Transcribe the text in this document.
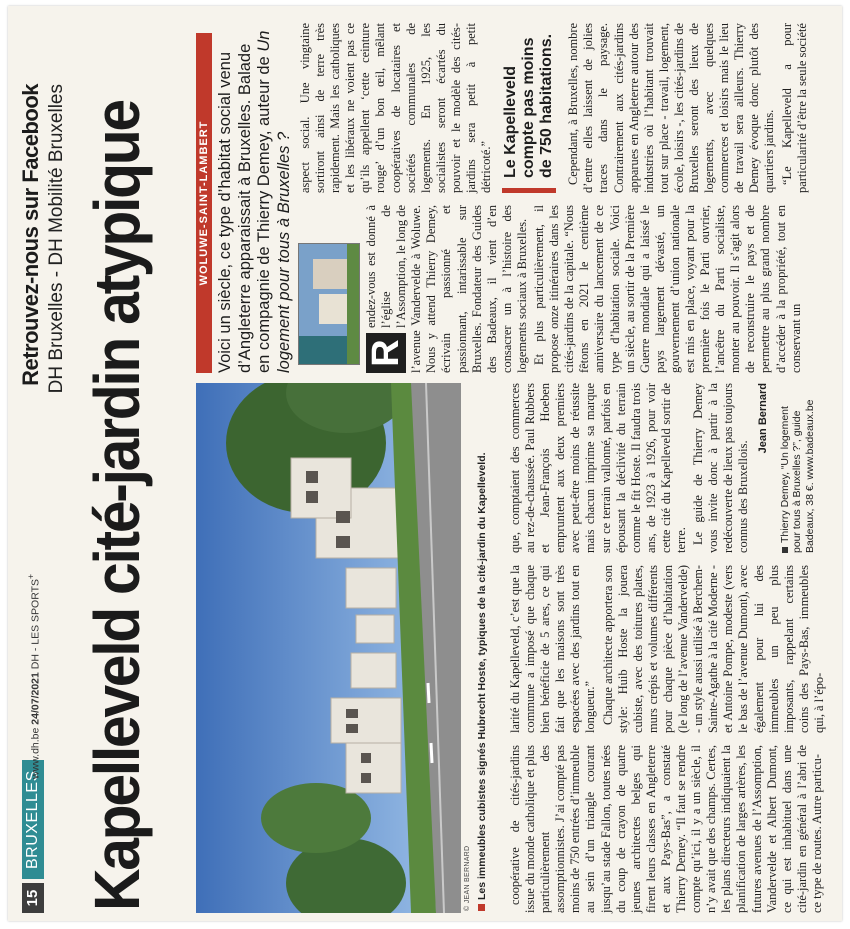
15
BRUXELLES
www.dh.be 24/07/2021 DH - LES SPORTS+
Retrouvez-nous sur Facebook DH Bruxelles - DH Mobilité Bruxelles Kapelleveld cité-jardin atypique	© JEAN BERNARD Les immeubles cubistes signés Hubrecht Hoste, typiques de la cité-jardin du Kapelleveld.
WOLUWE-SAINT-LAMBERT Voici un siècle, ce type d’habitat social venu d’Angleterre apparaissait à Bruxelles. Balade en compagnie de Thierry Demey, auteur de Un logement pour tous à Bruxelles ?

coopérative de cités-jardins issue du monde catholique et plus particulièrement des assomptionnistes. J’ai compté pas moins de 750 entrées d’immeuble au sein d’un triangle courant jusqu’au stade Fallon, toutes nées du coup de crayon de quatre jeunes architectes belges qui firent leurs classes en Angleterre et aux Pays-Bas”, a constaté Thierry Demey. “Il faut se rendre compte qu’ici, il y a un siècle, il n’y avait que des champs. Certes, les plans directeurs indiquaient la planification de larges artères, les futures avenues de l’Assomption, Vandervelde et Albert Dumont, ce qui est inhabituel dans une cité-jardin en général à l’abri de ce type de routes. Autre particu-

larité du Kapelleveld, c’est que la commune a imposé que chaque bien bénéficie de 5 ares, ce qui fait que les maisons sont très espacées avec des jardins tout en longueur.” Chaque architecte apportera son style: Huib Hoste la jouera cubiste, avec des toitures plates, murs crépis et volumes différents pour chaque pièce d’habitation (le long de l’avenue Vandervelde) - un style aussi utilisé à Berchem-Sainte-Agathe à la cité Moderne - et Antoine Pompe, modeste (vers le bas de l’avenue Dumont), avec également pour lui des immeubles un peu plus imposants, rappelant certains coins des Pays-Bas, immeubles qui, à l’épo-

que, comptaient des commerces au rez-de-chaussée. Paul Rubbers et Jean-François Hoeben empruntent aux deux premiers avec peut-être moins de réussite mais chacun imprime sa marque sur ce terrain vallonné, parfois en épousant la déclivité du terrain comme le fit Hoste. Il faudra trois ans, de 1923 à 1926, pour voir cette cité du Kapelleveld sortir de terre. Le guide de Thierry Demey vous invite donc à partir à la redécouverte de lieux pas toujours connus des Bruxellois.

Jean Bernard Thierry Demey, “Un logement pour tous à Bruxelles ?”, guide Badeaux, 38 €. www.badeaux.be

R
endez-vous est donné à l’église de l’Assomption, le long de l’avenue Vandervelde à Woluwe. Nous y attend Thierry Demey, écrivain passionné et passionnant, intarissable sur Bruxelles. Fondateur des Guides des Badeaux, il vient d’en consacrer un à l’histoire des logements sociaux à Bruxelles. Et plus particulièrement, il propose onze itinéraires dans les cités-jardins de la capitale. “Nous fêtons en 2021 le centième anniversaire du lancement de ce type d’habitation sociale. Voici un siècle, au sortir de la Première Guerre mondiale qui a laissé le pays largement dévasté, un gouvernement d’union nationale est mis en place, voyant pour la première fois le Parti ouvrier, l’ancêtre du Parti socialiste, monter au pouvoir. Il s’agit alors de reconstruire le pays et de permettre au plus grand nombre d’accéder à la propriété, tout en conservant un

aspect social. Une vingtaine sortiront ainsi de terre très rapidement. Mais les catholiques et les libéraux ne voient pas ce qu’ils appellent ‘cette ceinture rouge’ d’un bon œil, mêlant coopératives de locataires et sociétés communales de logements. En 1925, les socialistes seront écartés du pouvoir et le modèle des cités-jardins sera petit à petit détricoté.” Le Kapelleveld compte pas moins de 750 habitations. Cependant, à Bruxelles, nombre d’entre elles laissent de jolies traces dans le paysage. Contrairement aux cités-jardins apparues en Angleterre autour des industries où l’habitant trouvait tout sur place - travail, logement, école, loisirs -, les cités-jardins de Bruxelles seront des lieux de logements, avec quelques commerces et loisirs mais le lieu de travail sera ailleurs. Thierry Demey évoque donc plutôt des quartiers jardins. “Le Kapelleveld a pour particularité d’être la seule société
